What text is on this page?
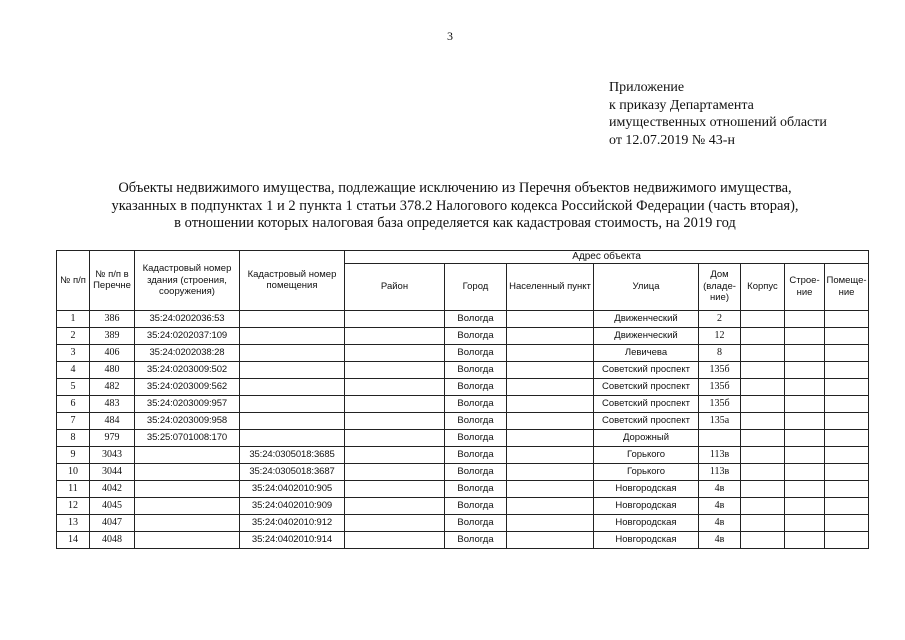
3
Приложение
к приказу Департамента
имущественных отношений области
от 12.07.2019 № 43-н
Объекты недвижимого имущества, подлежащие исключению из Перечня объектов недвижимого имущества,
указанных в подпунктах 1 и 2 пункта 1 статьи 378.2 Налогового кодекса Российской Федерации (часть вторая),
в отношении которых налоговая база определяется как кадастровая стоимость, на 2019 год
№ п/п	№ п/п в Перечне	Кадастровый номер здания (строения, сооружения)	Кадастровый номер помещения	Адрес объекта							
				Район	Город	Населенный пункт	Улица	Дом (владение)	Корпус	Строение	Помещение
1	386	35:24:0202036:53			Вологда		Движенческий	2			
2	389	35:24:0202037:109			Вологда		Движенческий	12			
3	406	35:24:0202038:28			Вологда		Левичева	8			
4	480	35:24:0203009:502			Вологда		Советский проспект	135б			
5	482	35:24:0203009:562			Вологда		Советский проспект	135б			
6	483	35:24:0203009:957			Вологда		Советский проспект	135б			
7	484	35:24:0203009:958			Вологда		Советский проспект	135а			
8	979	35:25:0701008:170			Вологда		Дорожный				
9	3043		35:24:0305018:3685		Вологда		Горького	113в			
10	3044		35:24:0305018:3687		Вологда		Горького	113в			
11	4042		35:24:0402010:905		Вологда		Новгородская	4в			
12	4045		35:24:0402010:909		Вологда		Новгородская	4в			
13	4047		35:24:0402010:912		Вологда		Новгородская	4в			
14	4048		35:24:0402010:914		Вологда		Новгородская	4в			
